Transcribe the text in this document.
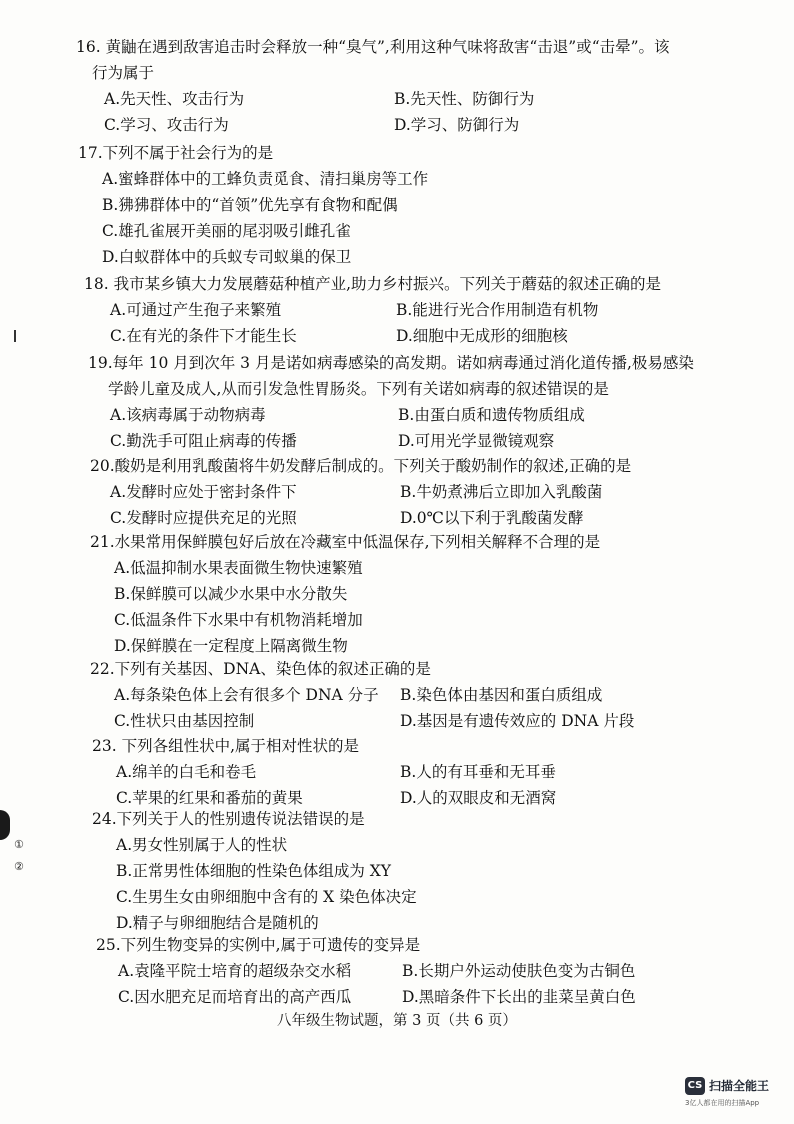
16. 黄鼬在遇到敌害追击时会释放一种“臭气”,利用这种气味将敌害“击退”或“击晕”。该
行为属于
A.先天性、攻击行为	B.先天性、防御行为
C.学习、攻击行为	D.学习、防御行为
17.下列不属于社会行为的是
A.蜜蜂群体中的工蜂负责觅食、清扫巢房等工作
B.狒狒群体中的“首领”优先享有食物和配偶
C.雄孔雀展开美丽的尾羽吸引雌孔雀
D.白蚁群体中的兵蚁专司蚁巢的保卫
18. 我市某乡镇大力发展蘑菇种植产业,助力乡村振兴。下列关于蘑菇的叙述正确的是
A.可通过产生孢子来繁殖	B.能进行光合作用制造有机物
C.在有光的条件下才能生长	D.细胞中无成形的细胞核
19.每年 10 月到次年 3 月是诺如病毒感染的高发期。诺如病毒通过消化道传播,极易感染
学龄儿童及成人,从而引发急性胃肠炎。下列有关诺如病毒的叙述错误的是
A.该病毒属于动物病毒	B.由蛋白质和遗传物质组成
C.勤洗手可阻止病毒的传播	D.可用光学显微镜观察
20.酸奶是利用乳酸菌将牛奶发酵后制成的。下列关于酸奶制作的叙述,正确的是
A.发酵时应处于密封条件下	B.牛奶煮沸后立即加入乳酸菌
C.发酵时应提供充足的光照	D.0℃以下利于乳酸菌发酵
21.水果常用保鲜膜包好后放在冷藏室中低温保存,下列相关解释不合理的是
A.低温抑制水果表面微生物快速繁殖
B.保鲜膜可以减少水果中水分散失
C.低温条件下水果中有机物消耗增加
D.保鲜膜在一定程度上隔离微生物
22.下列有关基因、DNA、染色体的叙述正确的是
A.每条染色体上会有很多个 DNA 分子 B.染色体由基因和蛋白质组成
C.性状只由基因控制	D.基因是有遗传效应的 DNA 片段
23. 下列各组性状中,属于相对性状的是
A.绵羊的白毛和卷毛	B.人的有耳垂和无耳垂
C.苹果的红果和番茄的黄果	D.人的双眼皮和无酒窝
24.下列关于人的性别遗传说法错误的是
A.男女性别属于人的性状
B.正常男性体细胞的性染色体组成为 XY
C.生男生女由卵细胞中含有的 X 染色体决定
D.精子与卵细胞结合是随机的
25.下列生物变异的实例中,属于可遗传的变异是
A.袁隆平院士培育的超级杂交水稻	B.长期户外运动使肤色变为古铜色
C.因水肥充足而培育出的高产西瓜	D.黑暗条件下长出的韭菜呈黄白色
八年级生物试题，第 3 页（共 6 页）
①
②
CS 扫描全能王
3亿人都在用的扫描App
